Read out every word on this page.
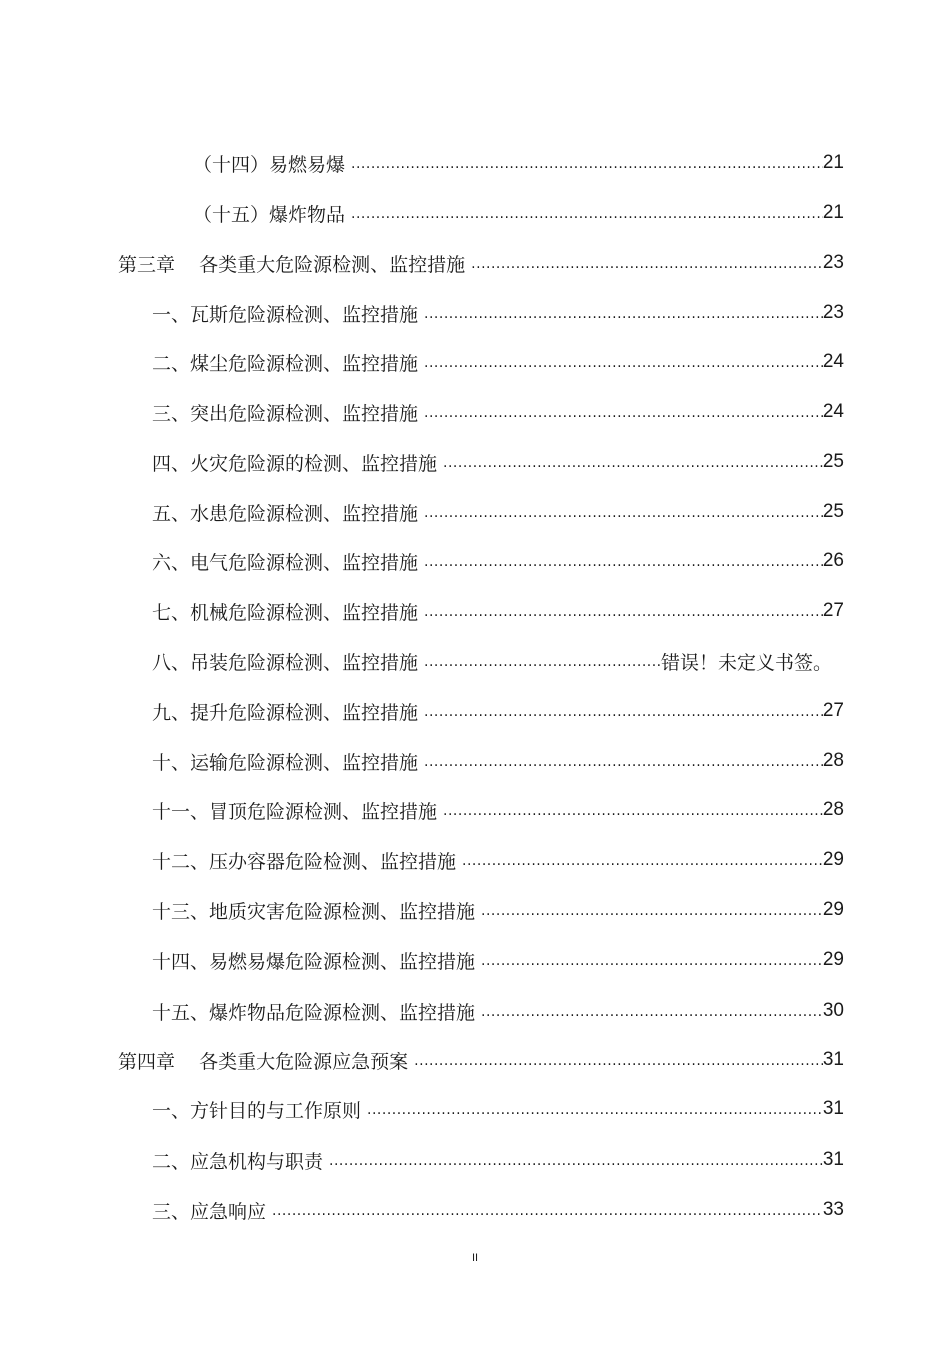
（十四）易燃易爆 .....	21
（十五）爆炸物品 .....	21
第三章    各类重大危险源检测、监控措施 .....	23
一、瓦斯危险源检测、监控措施 .....	23
二、煤尘危险源检测、监控措施 .....	24
三、突出危险源检测、监控措施 .....	24
四、火灾危险源的检测、监控措施 .....	25
五、水患危险源检测、监控措施 .....	25
六、电气危险源检测、监控措施 .....	26
七、机械危险源检测、监控措施 .....	27
八、吊装危险源检测、监控措施 .....	错误！未定义书签。
九、提升危险源检测、监控措施 .....	27
十、运输危险源检测、监控措施 .....	28
十一、冒顶危险源检测、监控措施 .....	28
十二、压办容器危险检测、监控措施 .....	29
十三、地质灾害危险源检测、监控措施 .....	29
十四、易燃易爆危险源检测、监控措施 .....	29
十五、爆炸物品危险源检测、监控措施 .....	30
第四章    各类重大危险源应急预案 .....	31
一、方针目的与工作原则 .....	31
二、应急机构与职责 .....	31
三、应急响应 .....	33
II
